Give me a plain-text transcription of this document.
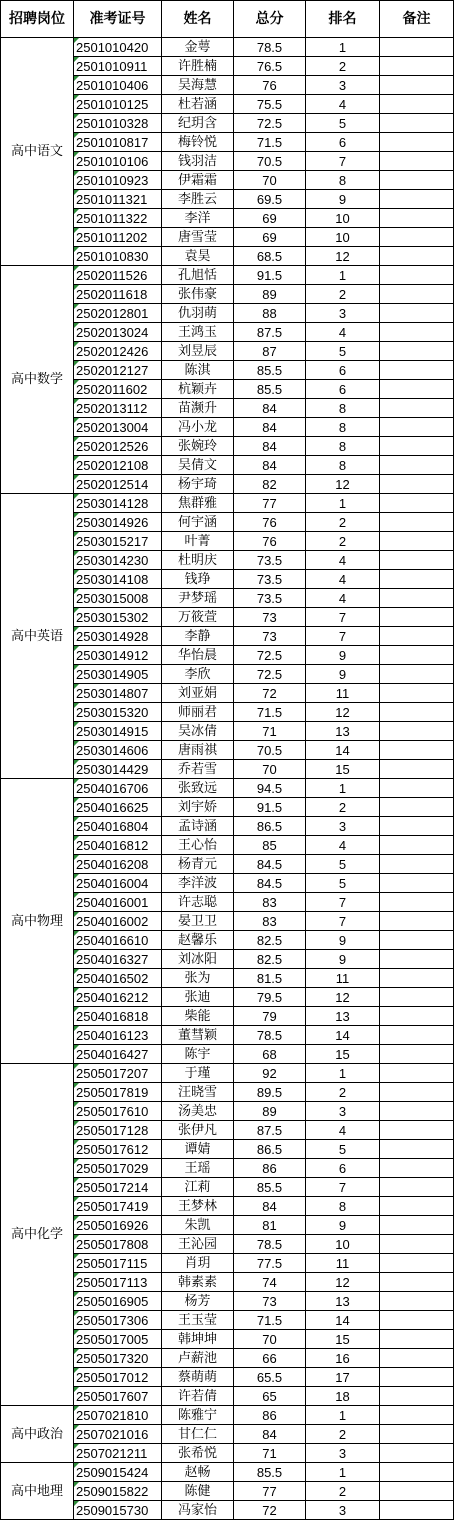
招聘岗位	准考证号	姓名	总分	排名	备注
高中语文	2501010420	金萼	78.5	1	
	2501010911	许胜楠	76.5	2	
	2501010406	吴海慧	76	3	
	2501010125	杜若涵	75.5	4	
	2501010328	纪玥含	72.5	5	
	2501010817	梅铃悦	71.5	6	
	2501010106	钱羽洁	70.5	7	
	2501010923	伊霜霜	70	8	
	2501011321	李胜云	69.5	9	
	2501011322	李洋	69	10	
	2501011202	唐雪莹	69	10	
	2501010830	袁昊	68.5	12	
高中数学	2502011526	孔旭恬	91.5	1	
	2502011618	张伟豪	89	2	
	2502012801	仇羽萌	88	3	
	2502013024	王鸿玉	87.5	4	
	2502012426	刘昱辰	87	5	
	2502012127	陈淇	85.5	6	
	2502011602	杭颖卉	85.5	6	
	2502013112	苗濒升	84	8	
	2502013004	冯小龙	84	8	
	2502012526	张婉玲	84	8	
	2502012108	吴倩文	84	8	
	2502012514	杨宇琦	82	12	
高中英语	2503014128	焦群雅	77	1	
	2503014926	何宇涵	76	2	
	2503015217	叶菁	76	2	
	2503014230	杜明庆	73.5	4	
	2503014108	钱琤	73.5	4	
	2503015008	尹梦瑶	73.5	4	
	2503015302	万筱萱	73	7	
	2503014928	李静	73	7	
	2503014912	华怡晨	72.5	9	
	2503014905	李欣	72.5	9	
	2503014807	刘亚娟	72	11	
	2503015320	师丽君	71.5	12	
	2503014915	吴冰倩	71	13	
	2503014606	唐雨祺	70.5	14	
	2503014429	乔若雪	70	15	
高中物理	2504016706	张致远	94.5	1	
	2504016625	刘宇娇	91.5	2	
	2504016804	孟诗涵	86.5	3	
	2504016812	王心怡	85	4	
	2504016208	杨青元	84.5	5	
	2504016004	李洋波	84.5	5	
	2504016001	许志聪	83	7	
	2504016002	晏卫卫	83	7	
	2504016610	赵馨乐	82.5	9	
	2504016327	刘冰阳	82.5	9	
	2504016502	张为	81.5	11	
	2504016212	张迪	79.5	12	
	2504016818	柴能	79	13	
	2504016123	董彗颖	78.5	14	
	2504016427	陈宇	68	15	
高中化学	2505017207	于瑾	92	1	
	2505017819	汪晓雪	89.5	2	
	2505017610	汤美忠	89	3	
	2505017128	张伊凡	87.5	4	
	2505017612	谭婧	86.5	5	
	2505017029	王瑶	86	6	
	2505017214	江莉	85.5	7	
	2505017419	王梦林	84	8	
	2505016926	朱凯	81	9	
	2505017808	王沁园	78.5	10	
	2505017115	肖玥	77.5	11	
	2505017113	韩素素	74	12	
	2505016905	杨芳	73	13	
	2505017306	王玉莹	71.5	14	
	2505017005	韩坤坤	70	15	
	2505017320	卢薪池	66	16	
	2505017012	蔡萌萌	65.5	17	
	2505017607	许若倩	65	18	
高中政治	2507021810	陈雅宁	86	1	
	2507021016	甘仁仁	84	2	
	2507021211	张希悦	71	3	
高中地理	2509015424	赵畅	85.5	1	
	2509015822	陈健	77	2	
	2509015730	冯家怡	72	3	
